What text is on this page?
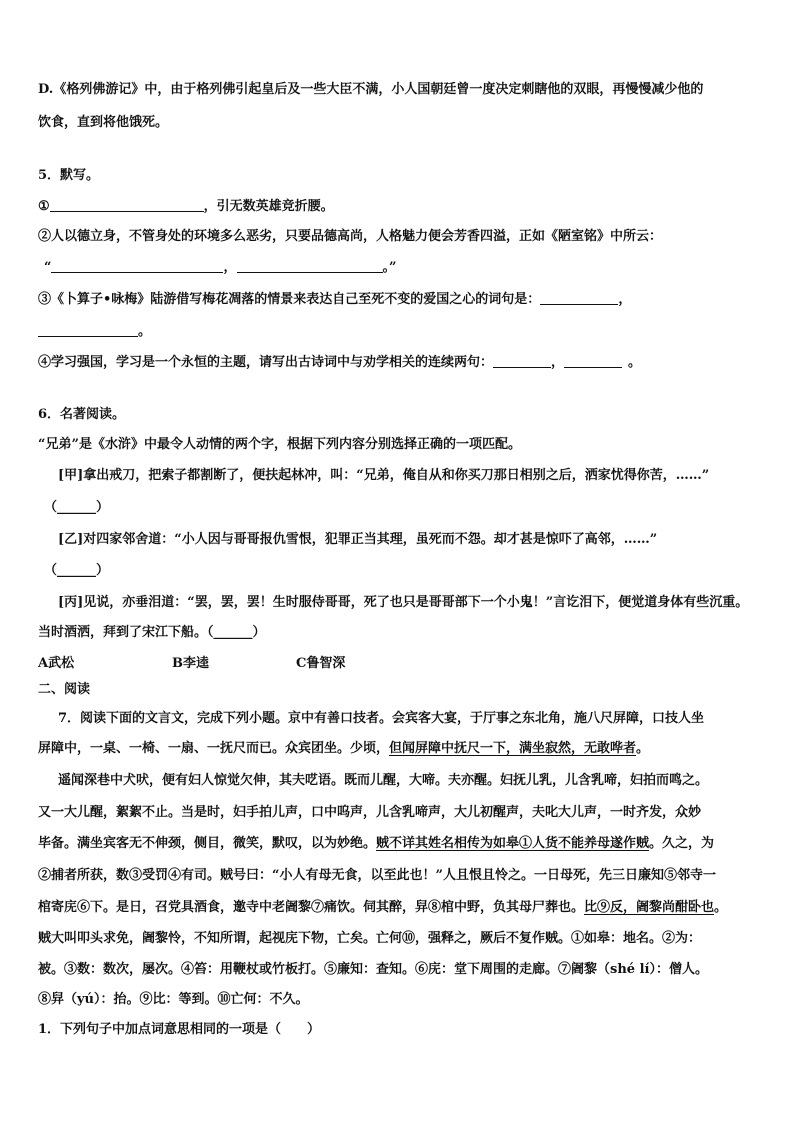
D.《格列佛游记》中，由于格列佛引起皇后及一些大臣不满，小人国朝廷曾一度决定刺瞎他的双眼，再慢慢减少他的
饮食，直到将他饿死。
5．默写。
①	，引无数英雄竞折腰。
②人以德立身，不管身处的环境多么恶劣，只要品德高尚，人格魅力便会芳香四溢，正如《陋室铭》中所云：
“	，	。”
③《卜算子•咏梅》陆游借写梅花凋落的情景来表达自己至死不变的爱国之心的词句是：	，
。
④学习强国，学习是一个永恒的主题，请写出古诗词中与劝学相关的连续两句：	，	。
6．名著阅读。
“兄弟”是《水浒》中最令人动情的两个字，根据下列内容分别选择正确的一项匹配。
[甲]拿出戒刀，把索子都割断了，便扶起林冲，叫：“兄弟，俺自从和你买刀那日相别之后，洒家忧得你苦，……”
（______）
[乙]对四家邻舍道：“小人因与哥哥报仇雪恨，犯罪正当其理，虽死而不怨。却才甚是惊吓了高邻，……”
（______）
[丙]见说，亦垂泪道：“罢，罢，罢！生时服侍哥哥，死了也只是哥哥部下一个小鬼！”言讫泪下，便觉道身体有些沉重。
当时酒洒，拜到了宋江下船。（______）
A武松	B李逵	C鲁智深
二、阅读
7．阅读下面的文言文，完成下列小题。京中有善口技者。会宾客大宴，于厅事之东北角，施八尺屏障，口技人坐
屏障中，一桌、一椅、一扇、一抚尺而已。众宾团坐。少顷，但闻屏障中抚尺一下，满坐寂然，无敢哗者。
遥闻深巷中犬吠，便有妇人惊觉欠伸，其夫呓语。既而儿醒，大啼。夫亦醒。妇抚儿乳，儿含乳啼，妇拍而鸣之。
又一大儿醒，絮絮不止。当是时，妇手拍儿声，口中呜声，儿含乳啼声，大儿初醒声，夫叱大儿声，一时齐发，众妙
毕备。满坐宾客无不伸颈，侧目，微笑，默叹，以为妙绝。贼不详其姓名相传为如皋①人货不能养母遂作贼。久之，为
②捕者所获，数③受罚④有司。贼号曰：“小人有母无食，以至此也！”人且恨且怜之。一日母死，先三日廉知⑤邻寺一
棺寄庑⑥下。是日，召党具酒食，邀寺中老阇黎⑦痛饮。伺其醉，舁⑧棺中野，负其母尸葬也。比⑨反，阇黎尚酣卧也。
贼大叫叩头求免，阇黎怜，不知所谓，起视庑下物，亡矣。亡何⑩，强释之，厥后不复作贼。①如皋：地名。②为：
被。③数：数次，屡次。④笞：用鞭杖或竹板打。⑤廉知：查知。⑥庑：堂下周围的走廊。⑦阇黎（shé lí）：僧人。
⑧舁（yú）：抬。⑨比：等到。⑩亡何：不久。
1．下列句子中加点词意思相同的一项是（　　）
